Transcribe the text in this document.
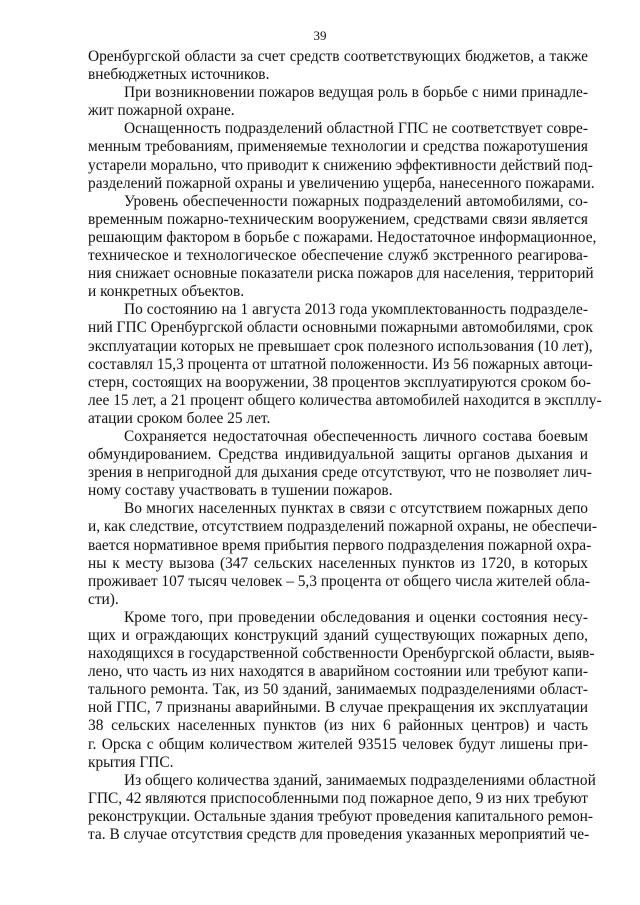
39
Оренбургской области за счет средств соответствующих бюджетов, а также
внебюджетных источников.
При возникновении пожаров ведущая роль в борьбе с ними принадле-
жит пожарной охране.
Оснащенность подразделений областной ГПС не соответствует совре-
менным требованиям, применяемые технологии и средства пожаротушения
устарели морально, что приводит к снижению эффективности действий под-
разделений пожарной охраны и увеличению ущерба, нанесенного пожарами.
Уровень обеспеченности пожарных подразделений автомобилями, со-
временным пожарно-техническим вооружением, средствами связи является
решающим фактором в борьбе с пожарами. Недостаточное информационное,
техническое и технологическое обеспечение служб экстренного реагирова-
ния снижает основные показатели риска пожаров для населения, территорий
и конкретных объектов.
По состоянию на 1 августа 2013 года укомплектованность подразделе-
ний ГПС Оренбургской области основными пожарными автомобилями, срок
эксплуатации которых не превышает срок полезного использования (10 лет),
составлял 15,3 процента от штатной положенности. Из 56 пожарных автоци-
стерн, состоящих на вооружении, 38 процентов эксплуатируются сроком бо-
лее 15 лет, а 21 процент общего количества автомобилей находится в экспллу-
атации сроком более 25 лет.
Сохраняется недостаточная обеспеченность личного состава боевым
обмундированием. Средства индивидуальной защиты органов дыхания и
зрения в непригодной для дыхания среде отсутствуют, что не позволяет лич-
ному составу участвовать в тушении пожаров.
Во многих населенных пунктах в связи с отсутствием пожарных депо
и, как следствие, отсутствием подразделений пожарной охраны, не обеспечи-
вается нормативное время прибытия первого подразделения пожарной охра-
ны к месту вызова (347 сельских населенных пунктов из 1720, в которых
проживает 107 тысяч человек – 5,3 процента от общего числа жителей обла-
сти).
Кроме того, при проведении обследования и оценки состояния несу-
щих и ограждающих конструкций зданий существующих пожарных депо,
находящихся в государственной собственности Оренбургской области, выяв-
лено, что часть из них находятся в аварийном состоянии или требуют капи-
тального ремонта. Так, из 50 зданий, занимаемых подразделениями област-
ной ГПС, 7 признаны аварийными. В случае прекращения их эксплуатации
38 сельских населенных пунктов (из них 6 районных центров) и часть
г. Орска с общим количеством жителей 93515 человек будут лишены при-
крытия ГПС.
Из общего количества зданий, занимаемых подразделениями областной
ГПС, 42 являются приспособленными под пожарное депо, 9 из них требуют
реконструкции. Остальные здания требуют проведения капитального ремон-
та. В случае отсутствия средств для проведения указанных мероприятий че-
